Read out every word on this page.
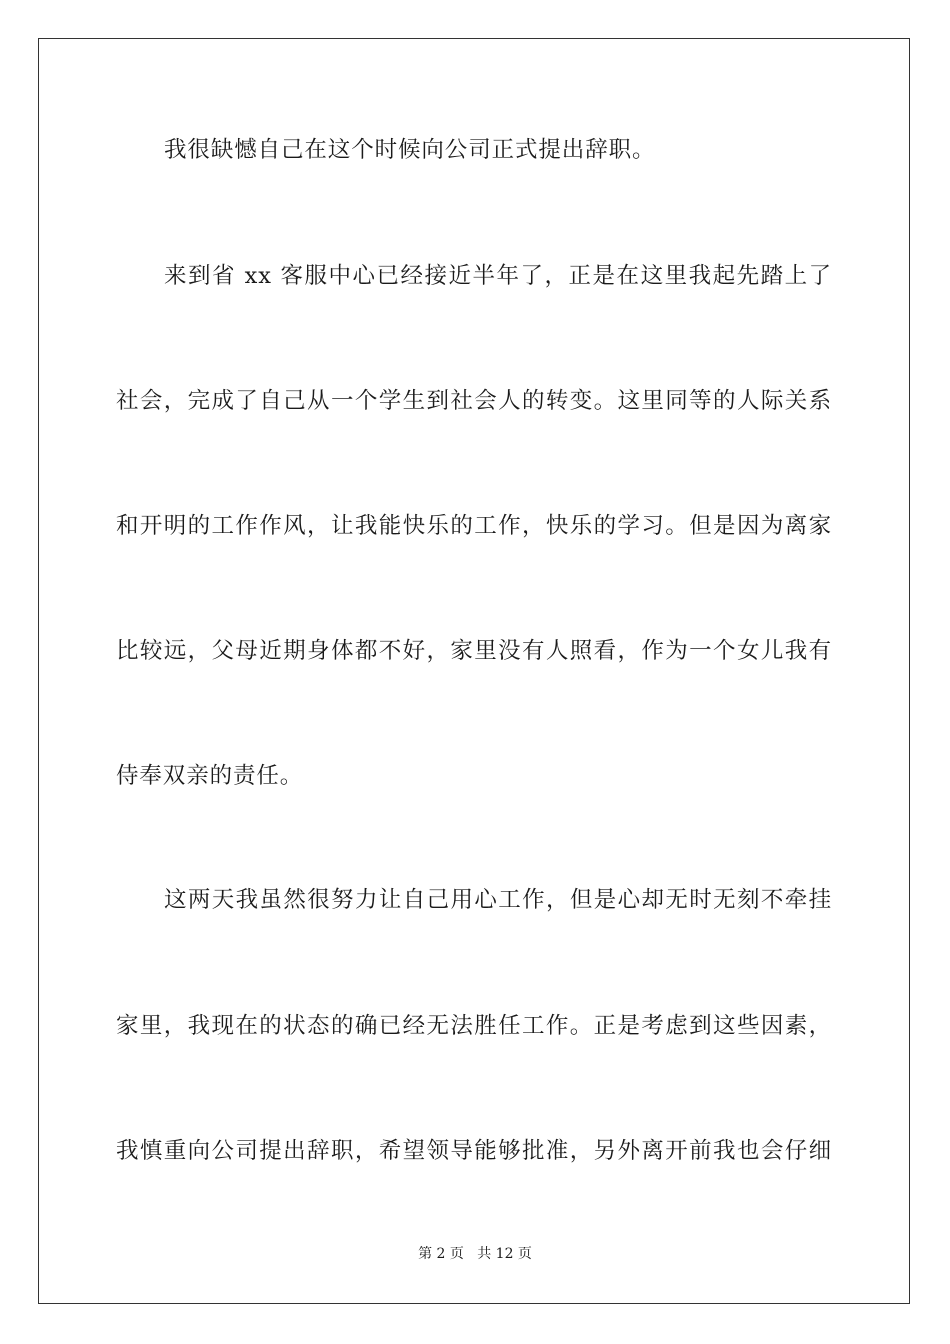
我很缺憾自己在这个时候向公司正式提出辞职。
来到省 xx 客服中心已经接近半年了，正是在这里我起先踏上了
社会，完成了自己从一个学生到社会人的转变。这里同等的人际关系
和开明的工作作风，让我能快乐的工作，快乐的学习。但是因为离家
比较远，父母近期身体都不好，家里没有人照看，作为一个女儿我有
侍奉双亲的责任。
这两天我虽然很努力让自己用心工作，但是心却无时无刻不牵挂
家里，我现在的状态的确已经无法胜任工作。正是考虑到这些因素，
我慎重向公司提出辞职，希望领导能够批准，另外离开前我也会仔细
第 2 页   共 12 页
